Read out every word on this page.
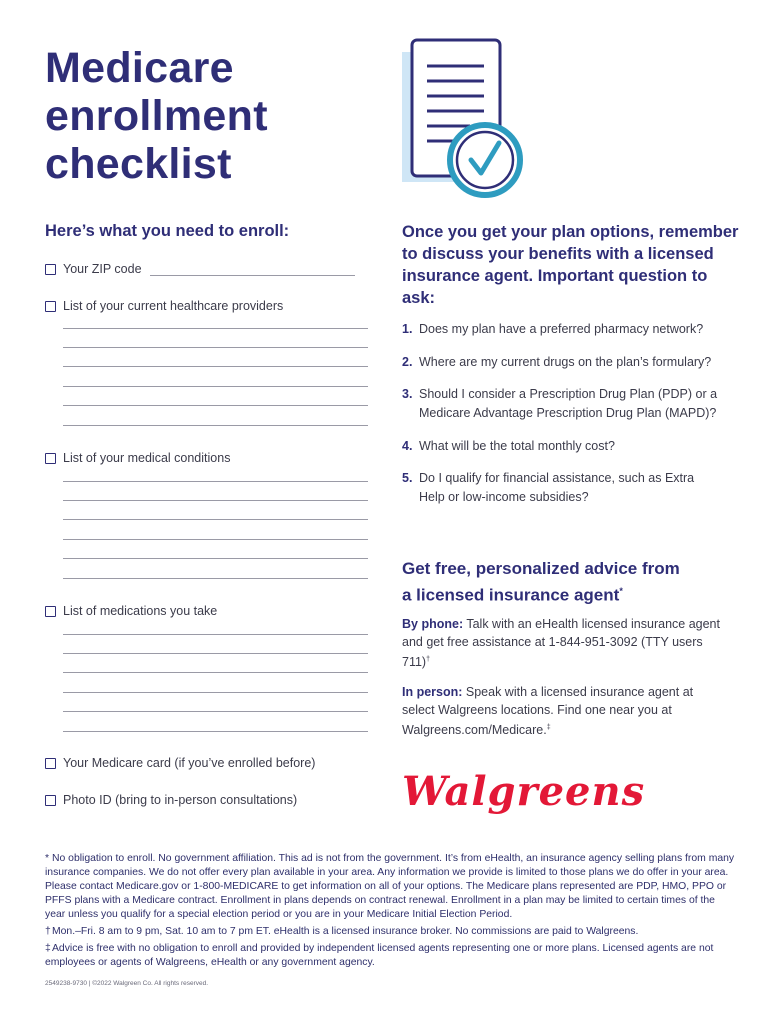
Medicare
enrollment
checklist
Here’s what you need to enroll:
Your ZIP code
List of your current healthcare providers
List of your medical conditions
List of medications you take
Your Medicare card (if you’ve enrolled before)
Photo ID (bring to in-person consultations)
Once you get your plan options, remember to discuss your benefits with a licensed insurance agent. Important question to ask:
1. Does my plan have a preferred pharmacy network?
2. Where are my current drugs on the plan’s formulary?
3. Should I consider a Prescription Drug Plan (PDP) or a Medicare Advantage Prescription Drug Plan (MAPD)?
4. What will be the total monthly cost?
5. Do I qualify for financial assistance, such as Extra Help or low-income subsidies?
Get free, personalized advice from a licensed insurance agent*
By phone: Talk with an eHealth licensed insurance agent and get free assistance at 1-844-951-3092 (TTY users 711)†
In person: Speak with a licensed insurance agent at select Walgreens locations. Find one near you at Walgreens.com/Medicare.‡
Walgreens
* No obligation to enroll. No government affiliation. This ad is not from the government. It’s from eHealth, an insurance agency selling plans from many insurance companies. We do not offer every plan available in your area. Any information we provide is limited to those plans we do offer in your area. Please contact Medicare.gov or 1-800-MEDICARE to get information on all of your options. The Medicare plans represented are PDP, HMO, PPO or PFFS plans with a Medicare contract. Enrollment in plans depends on contract renewal. Enrollment in a plan may be limited to certain times of the year unless you qualify for a special election period or you are in your Medicare Initial Election Period.
†Mon.–Fri. 8 am to 9 pm, Sat. 10 am to 7 pm ET. eHealth is a licensed insurance broker. No commissions are paid to Walgreens.
‡Advice is free with no obligation to enroll and provided by independent licensed agents representing one or more plans. Licensed agents are not employees or agents of Walgreens, eHealth or any government agency.
2549238-9730 | ©2022 Walgreen Co. All rights reserved.
